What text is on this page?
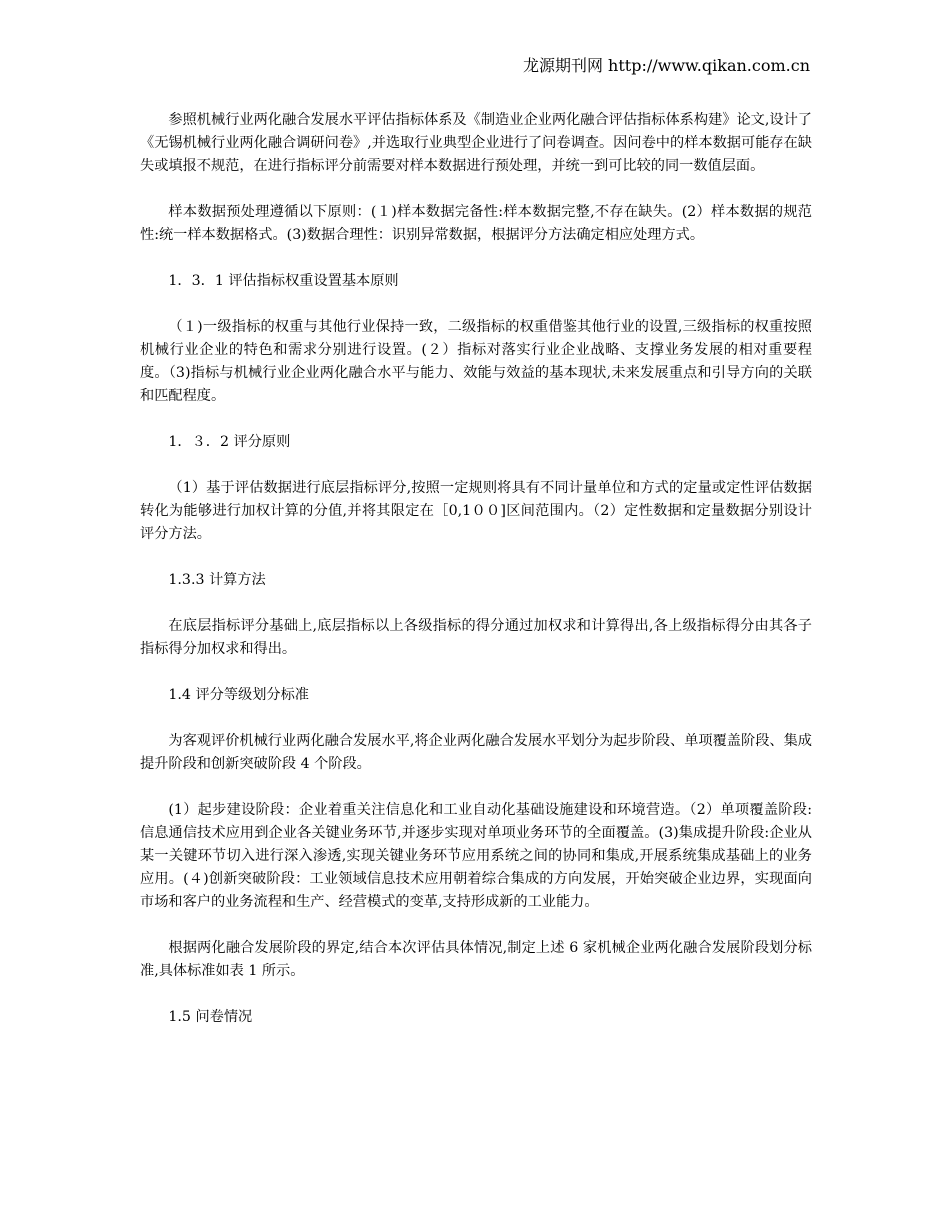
龙源期刊网 http://www.qikan.com.cn

参照机械行业两化融合发展水平评估指标体系及《制造业企业两化融合评估指标体系构建》论文,设计了《无锡机械行业两化融合调研问卷》,并选取行业典型企业进行了问卷调查。因问卷中的样本数据可能存在缺失或填报不规范，在进行指标评分前需要对样本数据进行预处理，并统一到可比较的同一数值层面。

样本数据预处理遵循以下原则：(１)样本数据完备性:样本数据完整,不存在缺失。(2）样本数据的规范性:统一样本数据格式。(3)数据合理性：识别异常数据，根据评分方法确定相应处理方式。

1．3．1 评估指标权重设置基本原则

（１)一级指标的权重与其他行业保持一致，二级指标的权重借鉴其他行业的设置,三级指标的权重按照机械行业企业的特色和需求分别进行设置。(２）指标对落实行业企业战略、支撑业务发展的相对重要程度。（3)指标与机械行业企业两化融合水平与能力、效能与效益的基本现状,未来发展重点和引导方向的关联和匹配程度。

1．３．2 评分原则

（1）基于评估数据进行底层指标评分,按照一定规则将具有不同计量单位和方式的定量或定性评估数据转化为能够进行加权计算的分值,并将其限定在［0,1００]区间范围内。（2）定性数据和定量数据分别设计评分方法。

1.3.3 计算方法

在底层指标评分基础上,底层指标以上各级指标的得分通过加权求和计算得出,各上级指标得分由其各子指标得分加权求和得出。

1.4 评分等级划分标准

为客观评价机械行业两化融合发展水平,将企业两化融合发展水平划分为起步阶段、单项覆盖阶段、集成提升阶段和创新突破阶段 4 个阶段。

(1）起步建设阶段：企业着重关注信息化和工业自动化基础设施建设和环境营造。（2）单项覆盖阶段:信息通信技术应用到企业各关键业务环节,并逐步实现对单项业务环节的全面覆盖。(3)集成提升阶段:企业从某一关键环节切入进行深入渗透,实现关键业务环节应用系统之间的协同和集成,开展系统集成基础上的业务应用。(４)创新突破阶段：工业领域信息技术应用朝着综合集成的方向发展，开始突破企业边界，实现面向市场和客户的业务流程和生产、经营模式的变革,支持形成新的工业能力。

根据两化融合发展阶段的界定,结合本次评估具体情况,制定上述 6 家机械企业两化融合发展阶段划分标准,具体标准如表 1 所示。

1.5 问卷情况
